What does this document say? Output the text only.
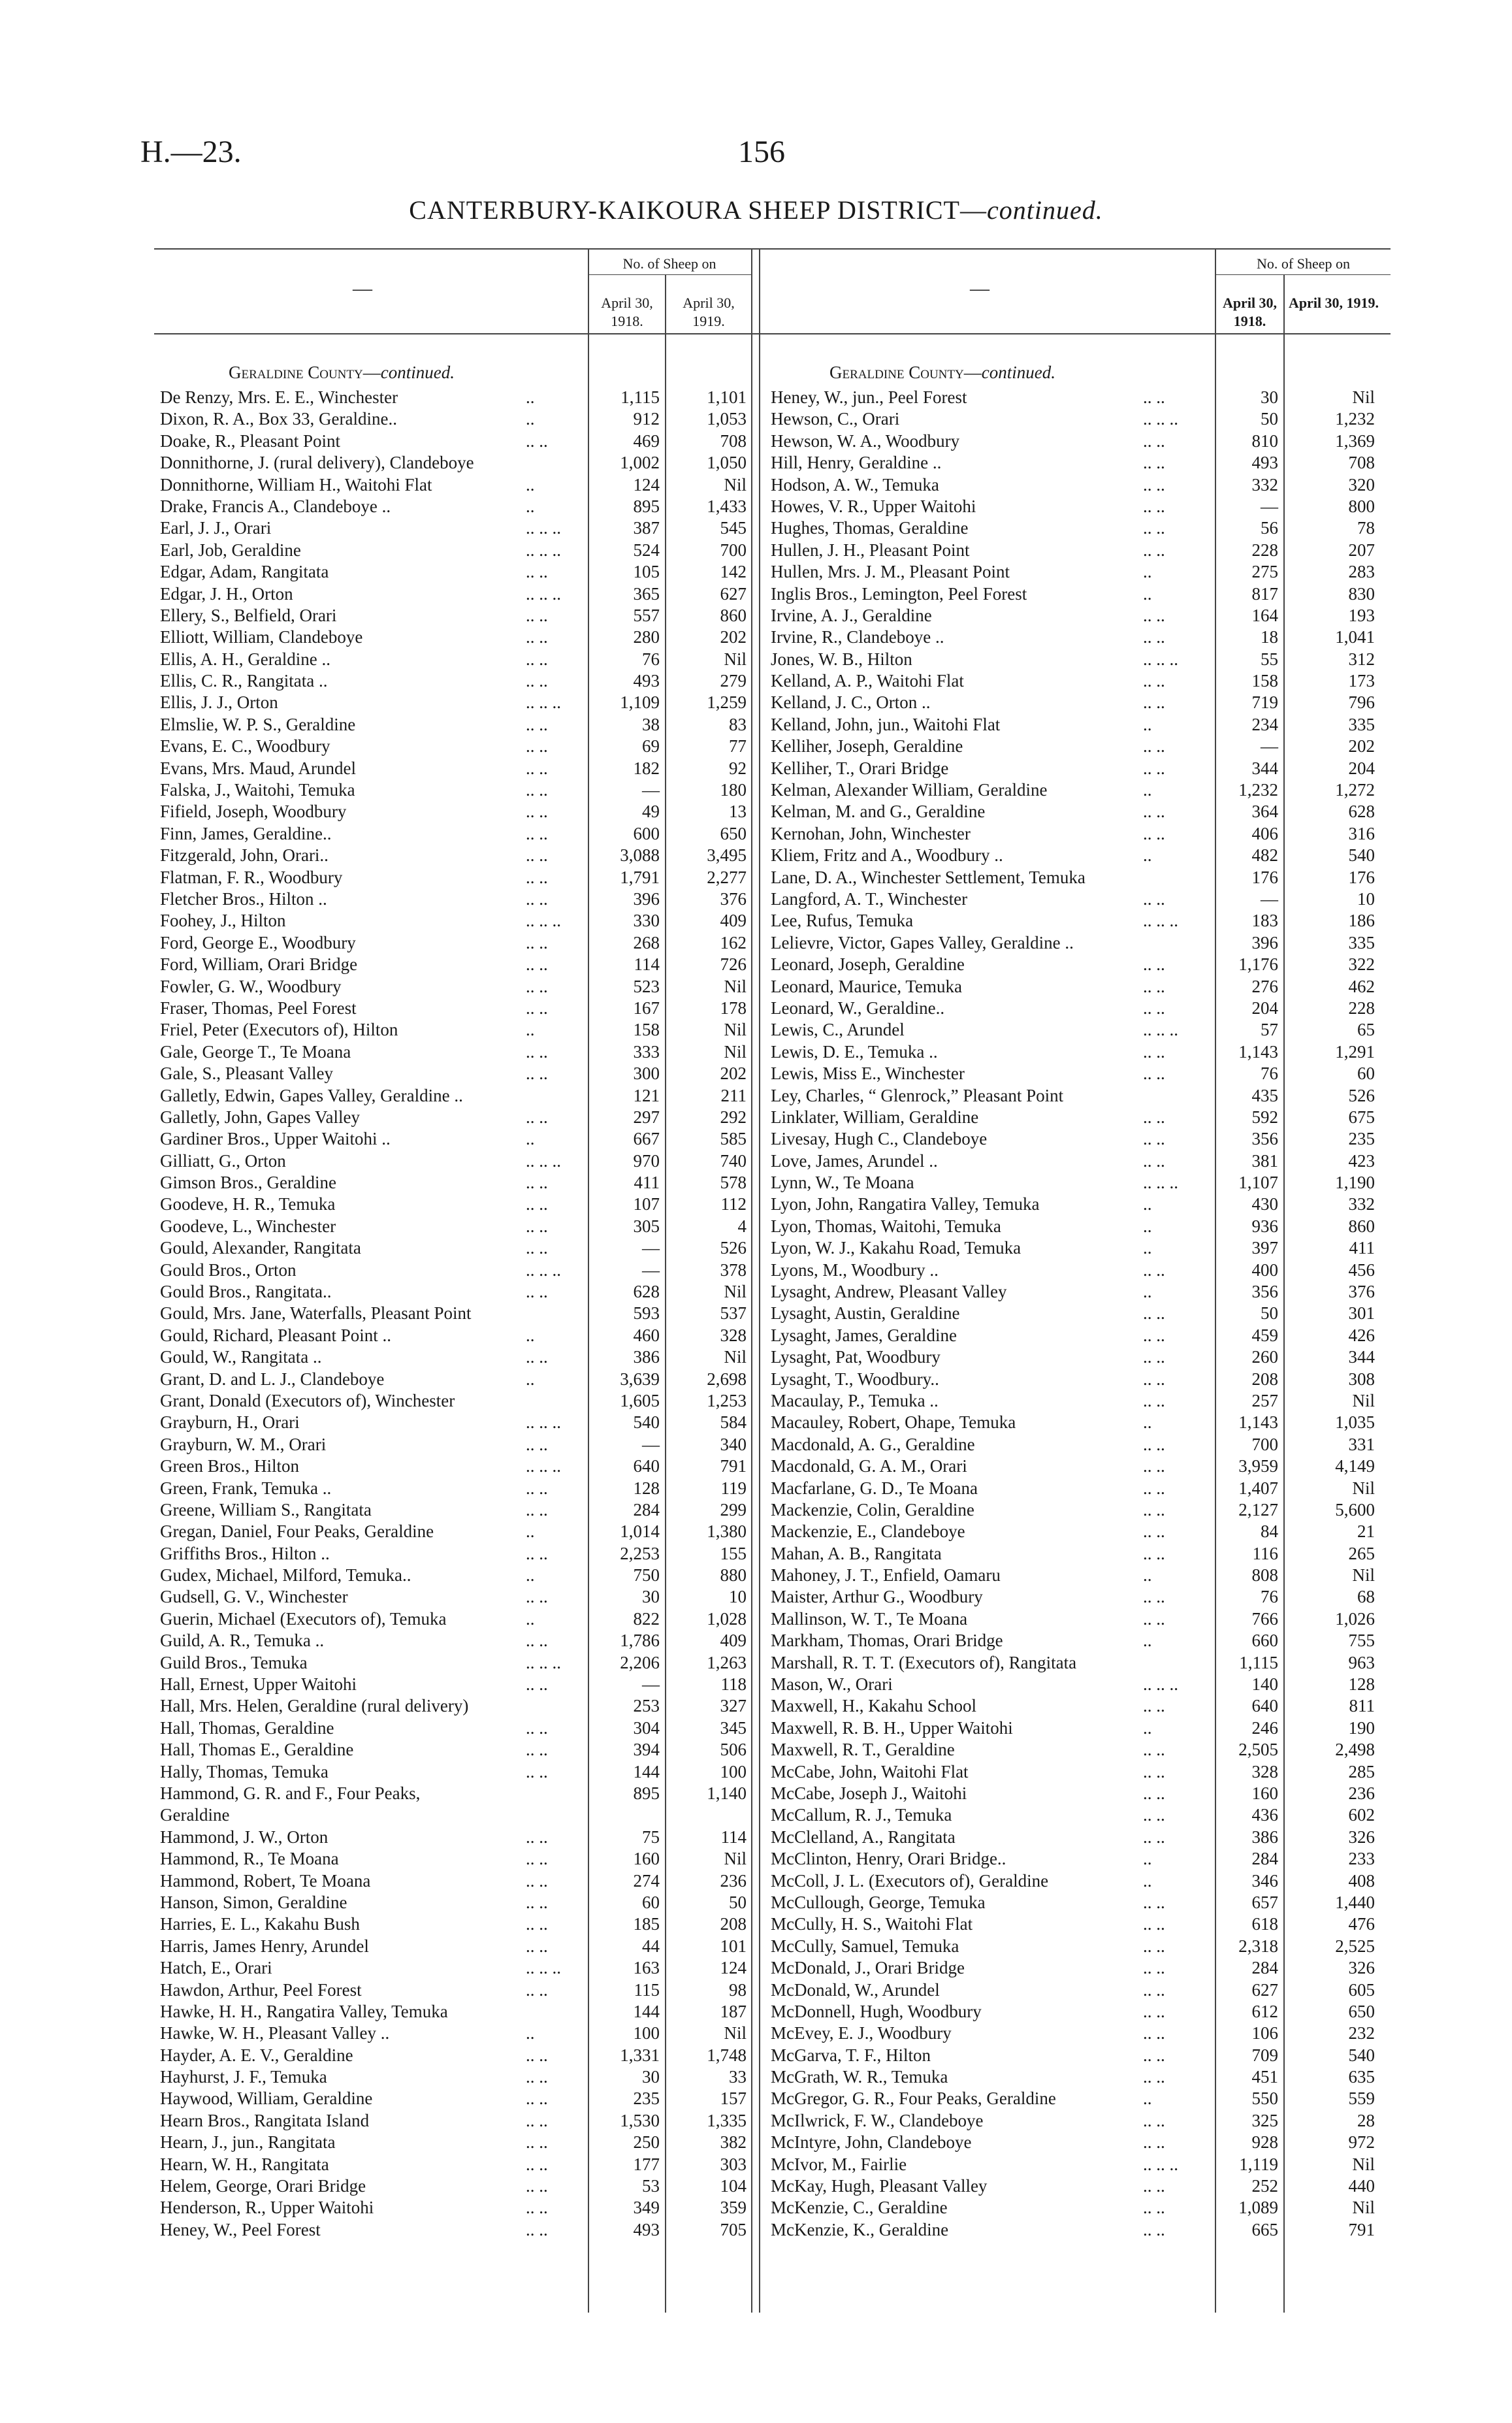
H.—23.	156
CANTERBURY-KAIKOURA SHEEP DISTRICT—continued.
—
No. of Sheep on
April 30, 1918.
April 30, 1919.
—
No. of Sheep on
April 30, 1918.
April 30, 1919.
Geraldine County—continued.	Geraldine County—continued.
De Renzy, Mrs. E. E., Winchester	..	1,115	1,101
Dixon, R. A., Box 33, Geraldine..	..	912	1,053
Doake, R., Pleasant Point	.. ..	469	708
Donnithorne, J. (rural delivery), Clandeboye	1,002	1,050
Donnithorne, William H., Waitohi Flat	..	124	Nil
Drake, Francis A., Clandeboye ..	..	895	1,433
Earl, J. J., Orari	.. .. ..	387	545
Earl, Job, Geraldine	.. .. ..	524	700
Edgar, Adam, Rangitata	.. ..	105	142
Edgar, J. H., Orton	.. .. ..	365	627
Ellery, S., Belfield, Orari	.. ..	557	860
Elliott, William, Clandeboye	.. ..	280	202
Ellis, A. H., Geraldine ..	.. ..	76	Nil
Ellis, C. R., Rangitata ..	.. ..	493	279
Ellis, J. J., Orton	.. .. ..	1,109	1,259
Elmslie, W. P. S., Geraldine	.. ..	38	83
Evans, E. C., Woodbury	.. ..	69	77
Evans, Mrs. Maud, Arundel	.. ..	182	92
Falska, J., Waitohi, Temuka	.. ..	—	180
Fifield, Joseph, Woodbury	.. ..	49	13
Finn, James, Geraldine..	.. ..	600	650
Fitzgerald, John, Orari..	.. ..	3,088	3,495
Flatman, F. R., Woodbury	.. ..	1,791	2,277
Fletcher Bros., Hilton ..	.. ..	396	376
Foohey, J., Hilton	.. .. ..	330	409
Ford, George E., Woodbury	.. ..	268	162
Ford, William, Orari Bridge	.. ..	114	726
Fowler, G. W., Woodbury	.. ..	523	Nil
Fraser, Thomas, Peel Forest	.. ..	167	178
Friel, Peter (Executors of), Hilton	..	158	Nil
Gale, George T., Te Moana	.. ..	333	Nil
Gale, S., Pleasant Valley	.. ..	300	202
Galletly, Edwin, Gapes Valley, Geraldine ..	121	211
Galletly, John, Gapes Valley	.. ..	297	292
Gardiner Bros., Upper Waitohi ..	..	667	585
Gilliatt, G., Orton	.. .. ..	970	740
Gimson Bros., Geraldine	.. ..	411	578
Goodeve, H. R., Temuka	.. ..	107	112
Goodeve, L., Winchester	.. ..	305	4
Gould, Alexander, Rangitata	.. ..	—	526
Gould Bros., Orton	.. .. ..	—	378
Gould Bros., Rangitata..	.. ..	628	Nil
Gould, Mrs. Jane, Waterfalls, Pleasant Point	593	537
Gould, Richard, Pleasant Point ..	..	460	328
Gould, W., Rangitata ..	.. ..	386	Nil
Grant, D. and L. J., Clandeboye	..	3,639	2,698
Grant, Donald (Executors of), Winchester	1,605	1,253
Grayburn, H., Orari	.. .. ..	540	584
Grayburn, W. M., Orari	.. ..	—	340
Green Bros., Hilton	.. .. ..	640	791
Green, Frank, Temuka ..	.. ..	128	119
Greene, William S., Rangitata	.. ..	284	299
Gregan, Daniel, Four Peaks, Geraldine	..	1,014	1,380
Griffiths Bros., Hilton ..	.. ..	2,253	155
Gudex, Michael, Milford, Temuka..	..	750	880
Gudsell, G. V., Winchester	.. ..	30	10
Guerin, Michael (Executors of), Temuka	..	822	1,028
Guild, A. R., Temuka ..	.. ..	1,786	409
Guild Bros., Temuka	.. .. ..	2,206	1,263
Hall, Ernest, Upper Waitohi	.. ..	—	118
Hall, Mrs. Helen, Geraldine (rural delivery)	253	327
Hall, Thomas, Geraldine	.. ..	304	345
Hall, Thomas E., Geraldine	.. ..	394	506
Hally, Thomas, Temuka	.. ..	144	100
Hammond, G. R. and F., Four Peaks,	895	1,140
Geraldine
Hammond, J. W., Orton	.. ..	75	114
Hammond, R., Te Moana	.. ..	160	Nil
Hammond, Robert, Te Moana	.. ..	274	236
Hanson, Simon, Geraldine	.. ..	60	50
Harries, E. L., Kakahu Bush	.. ..	185	208
Harris, James Henry, Arundel	.. ..	44	101
Hatch, E., Orari	.. .. ..	163	124
Hawdon, Arthur, Peel Forest	.. ..	115	98
Hawke, H. H., Rangatira Valley, Temuka	144	187
Hawke, W. H., Pleasant Valley ..	..	100	Nil
Hayder, A. E. V., Geraldine	.. ..	1,331	1,748
Hayhurst, J. F., Temuka	.. ..	30	33
Haywood, William, Geraldine	.. ..	235	157
Hearn Bros., Rangitata Island	.. ..	1,530	1,335
Hearn, J., jun., Rangitata	.. ..	250	382
Hearn, W. H., Rangitata	.. ..	177	303
Helem, George, Orari Bridge	.. ..	53	104
Henderson, R., Upper Waitohi	.. ..	349	359
Heney, W., Peel Forest	.. ..	493	705
Heney, W., jun., Peel Forest	.. ..	30	Nil
Hewson, C., Orari	.. .. ..	50	1,232
Hewson, W. A., Woodbury	.. ..	810	1,369
Hill, Henry, Geraldine ..	.. ..	493	708
Hodson, A. W., Temuka	.. ..	332	320
Howes, V. R., Upper Waitohi	.. ..	—	800
Hughes, Thomas, Geraldine	.. ..	56	78
Hullen, J. H., Pleasant Point	.. ..	228	207
Hullen, Mrs. J. M., Pleasant Point	..	275	283
Inglis Bros., Lemington, Peel Forest	..	817	830
Irvine, A. J., Geraldine	.. ..	164	193
Irvine, R., Clandeboye ..	.. ..	18	1,041
Jones, W. B., Hilton	.. .. ..	55	312
Kelland, A. P., Waitohi Flat	.. ..	158	173
Kelland, J. C., Orton ..	.. ..	719	796
Kelland, John, jun., Waitohi Flat	..	234	335
Kelliher, Joseph, Geraldine	.. ..	—	202
Kelliher, T., Orari Bridge	.. ..	344	204
Kelman, Alexander William, Geraldine	..	1,232	1,272
Kelman, M. and G., Geraldine	.. ..	364	628
Kernohan, John, Winchester	.. ..	406	316
Kliem, Fritz and A., Woodbury ..	..	482	540
Lane, D. A., Winchester Settlement, Temuka	176	176
Langford, A. T., Winchester	.. ..	—	10
Lee, Rufus, Temuka	.. .. ..	183	186
Lelievre, Victor, Gapes Valley, Geraldine ..	396	335
Leonard, Joseph, Geraldine	.. ..	1,176	322
Leonard, Maurice, Temuka	.. ..	276	462
Leonard, W., Geraldine..	.. ..	204	228
Lewis, C., Arundel	.. .. ..	57	65
Lewis, D. E., Temuka ..	.. ..	1,143	1,291
Lewis, Miss E., Winchester	.. ..	76	60
Ley, Charles, “ Glenrock,” Pleasant Point	435	526
Linklater, William, Geraldine	.. ..	592	675
Livesay, Hugh C., Clandeboye	.. ..	356	235
Love, James, Arundel ..	.. ..	381	423
Lynn, W., Te Moana	.. .. ..	1,107	1,190
Lyon, John, Rangatira Valley, Temuka	..	430	332
Lyon, Thomas, Waitohi, Temuka	..	936	860
Lyon, W. J., Kakahu Road, Temuka	..	397	411
Lyons, M., Woodbury ..	.. ..	400	456
Lysaght, Andrew, Pleasant Valley	..	356	376
Lysaght, Austin, Geraldine	.. ..	50	301
Lysaght, James, Geraldine	.. ..	459	426
Lysaght, Pat, Woodbury	.. ..	260	344
Lysaght, T., Woodbury..	.. ..	208	308
Macaulay, P., Temuka ..	.. ..	257	Nil
Macauley, Robert, Ohape, Temuka	..	1,143	1,035
Macdonald, A. G., Geraldine	.. ..	700	331
Macdonald, G. A. M., Orari	.. ..	3,959	4,149
Macfarlane, G. D., Te Moana	.. ..	1,407	Nil
Mackenzie, Colin, Geraldine	.. ..	2,127	5,600
Mackenzie, E., Clandeboye	.. ..	84	21
Mahan, A. B., Rangitata	.. ..	116	265
Mahoney, J. T., Enfield, Oamaru	..	808	Nil
Maister, Arthur G., Woodbury	.. ..	76	68
Mallinson, W. T., Te Moana	.. ..	766	1,026
Markham, Thomas, Orari Bridge	..	660	755
Marshall, R. T. T. (Executors of), Rangitata	1,115	963
Mason, W., Orari	.. .. ..	140	128
Maxwell, H., Kakahu School	.. ..	640	811
Maxwell, R. B. H., Upper Waitohi	..	246	190
Maxwell, R. T., Geraldine	.. ..	2,505	2,498
McCabe, John, Waitohi Flat	.. ..	328	285
McCabe, Joseph J., Waitohi	.. ..	160	236
McCallum, R. J., Temuka	.. ..	436	602
McClelland, A., Rangitata	.. ..	386	326
McClinton, Henry, Orari Bridge..	..	284	233
McColl, J. L. (Executors of), Geraldine	..	346	408
McCullough, George, Temuka	.. ..	657	1,440
McCully, H. S., Waitohi Flat	.. ..	618	476
McCully, Samuel, Temuka	.. ..	2,318	2,525
McDonald, J., Orari Bridge	.. ..	284	326
McDonald, W., Arundel	.. ..	627	605
McDonnell, Hugh, Woodbury	.. ..	612	650
McEvey, E. J., Woodbury	.. ..	106	232
McGarva, T. F., Hilton	.. ..	709	540
McGrath, W. R., Temuka	.. ..	451	635
McGregor, G. R., Four Peaks, Geraldine	..	550	559
McIlwrick, F. W., Clandeboye	.. ..	325	28
McIntyre, John, Clandeboye	.. ..	928	972
McIvor, M., Fairlie	.. .. ..	1,119	Nil
McKay, Hugh, Pleasant Valley	.. ..	252	440
McKenzie, C., Geraldine	.. ..	1,089	Nil
McKenzie, K., Geraldine	.. ..	665	791
